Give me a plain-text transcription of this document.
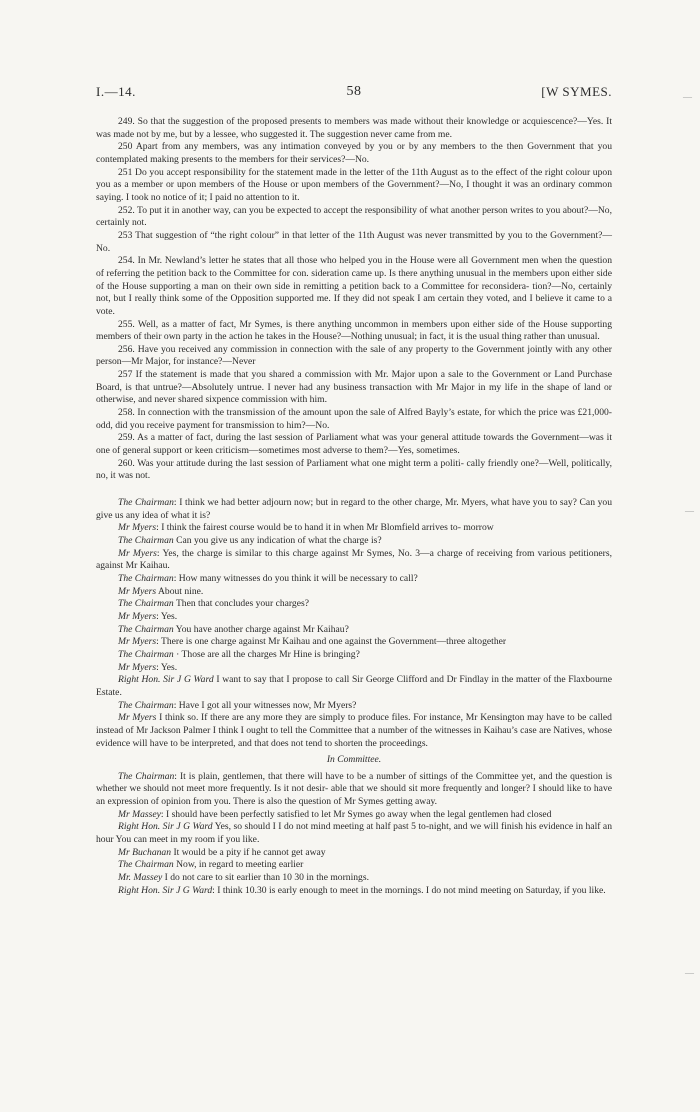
—
—
—
I.—14.	58	[W SYMES.

249. So that the suggestion of the proposed presents to members was made without their knowledge or acquiescence?—Yes. It was made not by me, but by a lessee, who suggested it. The suggestion never came from me.

250 Apart from any members, was any intimation conveyed by you or by any members to the then Government that you contemplated making presents to the members for their services?—No.

251 Do you accept responsibility for the statement made in the letter of the 11th August as to the effect of the right colour upon you as a member or upon members of the House or upon members of the Government?—No, I thought it was an ordinary common saying. I took no notice of it; I paid no attention to it.

252. To put it in another way, can you be expected to accept the responsibility of what another person writes to you about?—No, certainly not.

253 That suggestion of “the right colour” in that letter of the 11th August was never transmitted by you to the Government?—No.

254. In Mr. Newland’s letter he states that all those who helped you in the House were all Government men when the question of referring the petition back to the Committee for con. sideration came up. Is there anything unusual in the members upon either side of the House supporting a man on their own side in remitting a petition back to a Committee for reconsidera- tion?—No, certainly not, but I really think some of the Opposition supported me. If they did not speak I am certain they voted, and I believe it came to a vote.

255. Well, as a matter of fact, Mr Symes, is there anything uncommon in members upon either side of the House supporting members of their own party in the action he takes in the House?—Nothing unusual; in fact, it is the usual thing rather than unusual.

256. Have you received any commission in connection with the sale of any property to the Government jointly with any other person—Mr Major, for instance?—Never

257 If the statement is made that you shared a commission with Mr. Major upon a sale to the Government or Land Purchase Board, is that untrue?—Absolutely untrue. I never had any business transaction with Mr Major in my life in the shape of land or otherwise, and never shared sixpence commission with him.

258. In connection with the transmission of the amount upon the sale of Alfred Bayly’s estate, for which the price was £21,000-odd, did you receive payment for transmission to him?—No.

259. As a matter of fact, during the last session of Parliament what was your general attitude towards the Government—was it one of general support or keen criticism—sometimes most adverse to them?—Yes, sometimes.

260. Was your attitude during the last session of Parliament what one might term a politi- cally friendly one?—Well, politically, no, it was not.

The Chairman: I think we had better adjourn now; but in regard to the other charge, Mr. Myers, what have you to say? Can you give us any idea of what it is?

Mr Myers: I think the fairest course would be to hand it in when Mr Blomfield arrives to- morrow

The Chairman Can you give us any indication of what the charge is?

Mr Myers: Yes, the charge is similar to this charge against Mr Symes, No. 3—a charge of receiving from various petitioners, against Mr Kaihau.

The Chairman: How many witnesses do you think it will be necessary to call?

Mr Myers About nine.

The Chairman Then that concludes your charges?

Mr Myers: Yes.

The Chairman You have another charge against Mr Kaihau?

Mr Myers: There is one charge against Mr Kaihau and one against the Government—three altogether

The Chairman · Those are all the charges Mr Hine is bringing?

Mr Myers: Yes.

Right Hon. Sir J G Ward I want to say that I propose to call Sir George Clifford and Dr Findlay in the matter of the Flaxbourne Estate.

The Chairman: Have I got all your witnesses now, Mr Myers?

Mr Myers I think so. If there are any more they are simply to produce files. For instance, Mr Kensington may have to be called instead of Mr Jackson Palmer I think I ought to tell the Committee that a number of the witnesses in Kaihau’s case are Natives, whose evidence will have to be interpreted, and that does not tend to shorten the proceedings.

In Committee.

The Chairman: It is plain, gentlemen, that there will have to be a number of sittings of the Committee yet, and the question is whether we should not meet more frequently. Is it not desir- able that we should sit more frequently and longer? I should like to have an expression of opinion from you. There is also the question of Mr Symes getting away.

Mr Massey: I should have been perfectly satisfied to let Mr Symes go away when the legal gentlemen had closed

Right Hon. Sir J G Ward Yes, so should I I do not mind meeting at half past 5 to-night, and we will finish his evidence in half an hour You can meet in my room if you like.

Mr Buchanan It would be a pity if he cannot get away

The Chairman Now, in regard to meeting earlier

Mr. Massey I do not care to sit earlier than 10 30 in the mornings.

Right Hon. Sir J G Ward: I think 10.30 is early enough to meet in the mornings. I do not mind meeting on Saturday, if you like.
